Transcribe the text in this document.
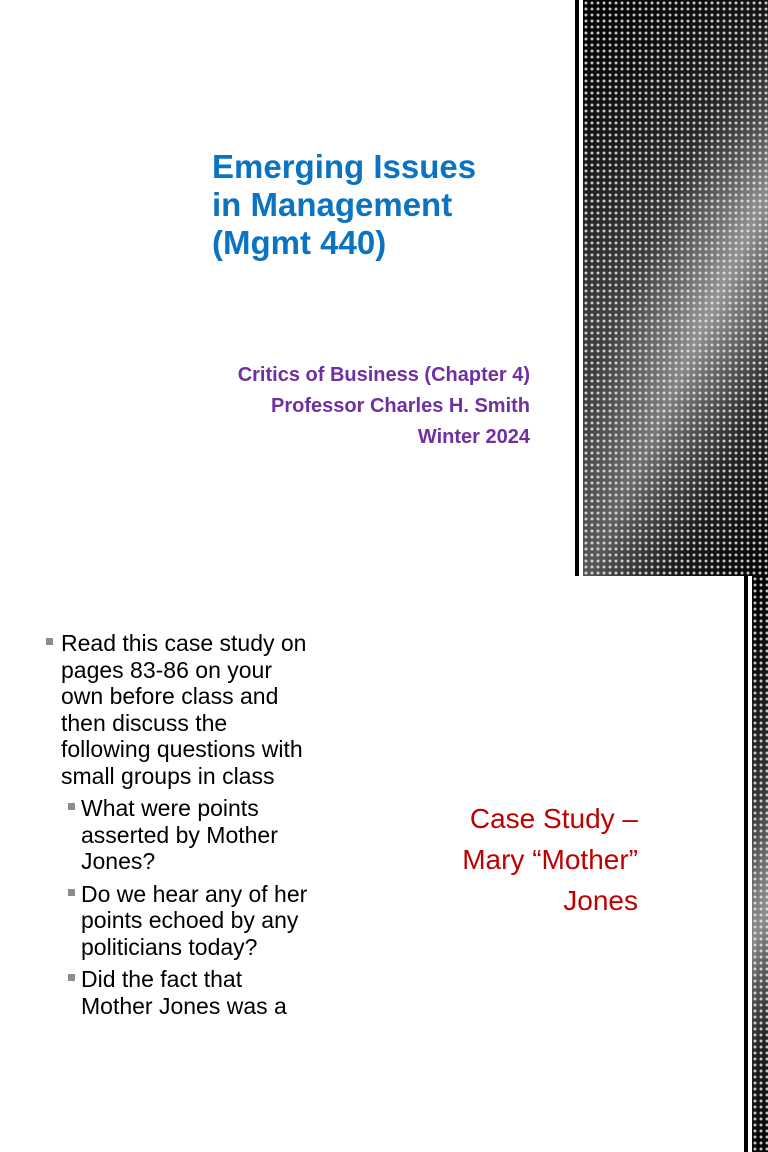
Emerging Issues
in Management
(Mgmt 440)
Critics of Business (Chapter 4)
Professor Charles H. Smith
Winter 2024
Read this case study on
pages 83-86 on your
own before class and
then discuss the
following questions with
small groups in class
What were points
asserted by Mother
Jones?
Do we hear any of her
points echoed by any
politicians today?
Did the fact that
Mother Jones was a
Case Study –
Mary “Mother”
Jones
